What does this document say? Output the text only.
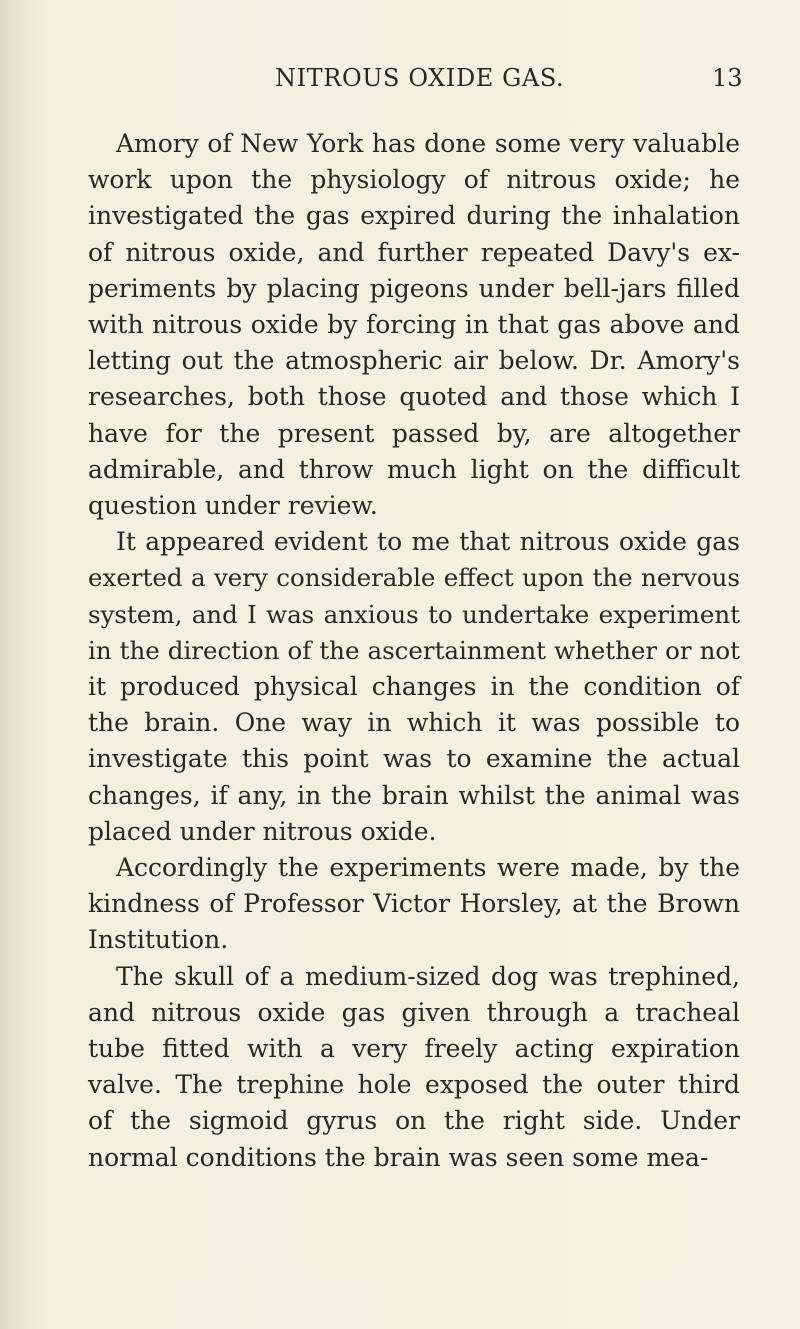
NITROUS OXIDE GAS.	13
Amory of New York has done some very valuable
work upon the physiology of nitrous oxide; he
investigated the gas expired during the inhalation
of nitrous oxide, and further repeated Davy's ex-
periments by placing pigeons under bell-jars filled
with nitrous oxide by forcing in that gas above and
letting out the atmospheric air below. Dr. Amory's
researches, both those quoted and those which I
have for the present passed by, are altogether
admirable, and throw much light on the difficult
question under review.
It appeared evident to me that nitrous oxide gas
exerted a very considerable effect upon the nervous
system, and I was anxious to undertake experiment
in the direction of the ascertainment whether or not
it produced physical changes in the condition of
the brain. One way in which it was possible to
investigate this point was to examine the actual
changes, if any, in the brain whilst the animal was
placed under nitrous oxide.
Accordingly the experiments were made, by the
kindness of Professor Victor Horsley, at the Brown
Institution.
The skull of a medium-sized dog was trephined,
and nitrous oxide gas given through a tracheal
tube fitted with a very freely acting expiration
valve. The trephine hole exposed the outer third
of the sigmoid gyrus on the right side. Under
normal conditions the brain was seen some mea-
